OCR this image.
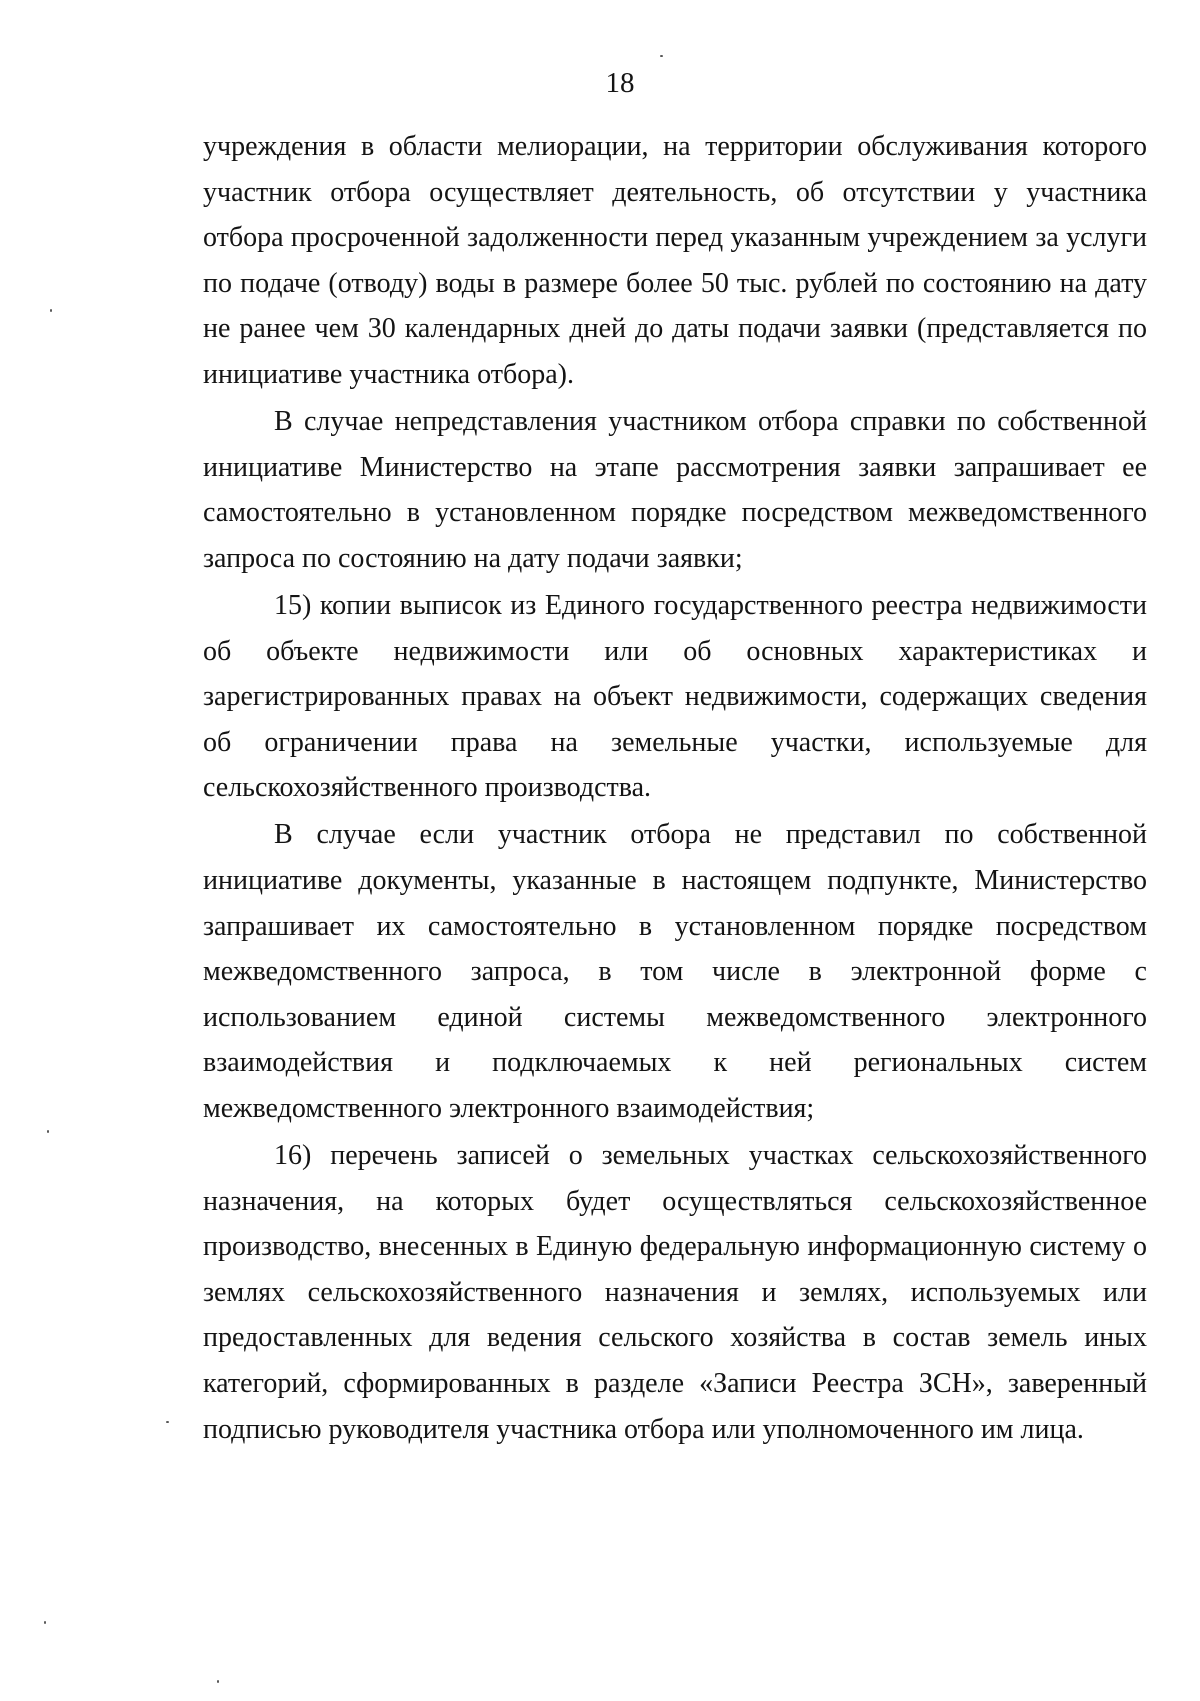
18
учреждения в области мелиорации, на территории обслуживания которого
участник отбора осуществляет деятельность, об отсутствии у участника
отбора просроченной задолженности перед указанным учреждением за услуги
по подаче (отводу) воды в размере более 50 тыс. рублей по состоянию на дату
не ранее чем 30 календарных дней до даты подачи заявки (представляется по
инициативе участника отбора).
В случае непредставления участником отбора справки по собственной
инициативе Министерство на этапе рассмотрения заявки запрашивает ее
самостоятельно в установленном порядке посредством межведомственного
запроса по состоянию на дату подачи заявки;
15) копии выписок из Единого государственного реестра недвижимости
об объекте недвижимости или об основных характеристиках и
зарегистрированных правах на объект недвижимости, содержащих сведения
об ограничении права на земельные участки, используемые для
сельскохозяйственного производства.
В случае если участник отбора не представил по собственной
инициативе документы, указанные в настоящем подпункте, Министерство
запрашивает их самостоятельно в установленном порядке посредством
межведомственного запроса, в том числе в электронной форме с
использованием единой системы межведомственного электронного
взаимодействия и подключаемых к ней региональных систем
межведомственного электронного взаимодействия;
16) перечень записей о земельных участках сельскохозяйственного
назначения, на которых будет осуществляться сельскохозяйственное
производство, внесенных в Единую федеральную информационную систему о
землях сельскохозяйственного назначения и землях, используемых или
предоставленных для ведения сельского хозяйства в состав земель иных
категорий, сформированных в разделе «Записи Реестра ЗСН», заверенный
подписью руководителя участника отбора или уполномоченного им лица.
